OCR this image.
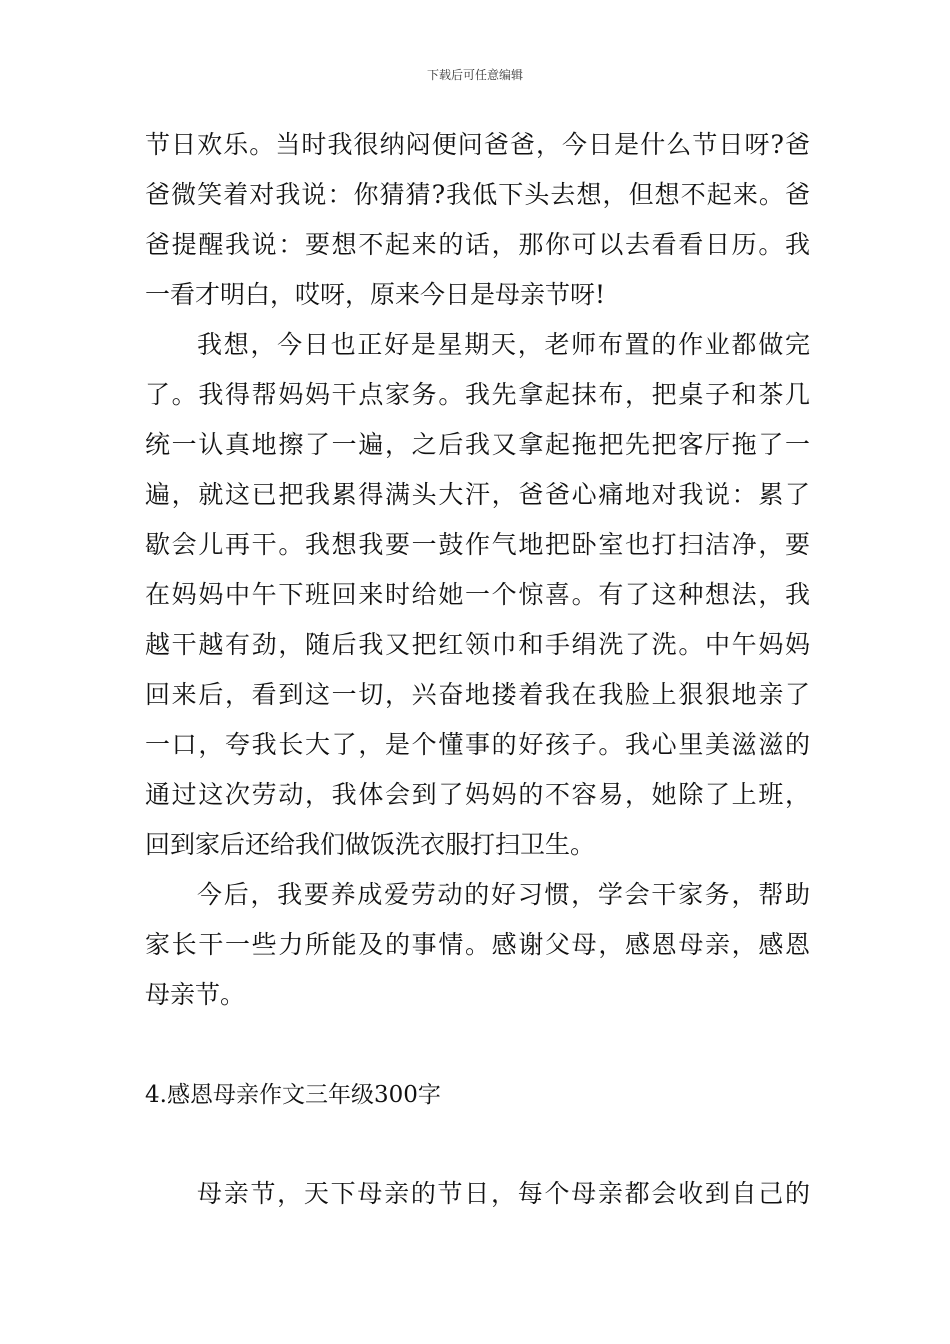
下载后可任意编辑
节日欢乐。当时我很纳闷便问爸爸，今日是什么节日呀?爸
爸微笑着对我说：你猜猜?我低下头去想，但想不起来。爸
爸提醒我说：要想不起来的话，那你可以去看看日历。我
一看才明白，哎呀，原来今日是母亲节呀!
我想，今日也正好是星期天，老师布置的作业都做完
了。我得帮妈妈干点家务。我先拿起抹布，把桌子和茶几
统一认真地擦了一遍，之后我又拿起拖把先把客厅拖了一
遍，就这已把我累得满头大汗，爸爸心痛地对我说：累了
歇会儿再干。我想我要一鼓作气地把卧室也打扫洁净，要
在妈妈中午下班回来时给她一个惊喜。有了这种想法，我
越干越有劲，随后我又把红领巾和手绢洗了洗。中午妈妈
回来后，看到这一切，兴奋地搂着我在我脸上狠狠地亲了
一口，夸我长大了，是个懂事的好孩子。我心里美滋滋的
通过这次劳动，我体会到了妈妈的不容易，她除了上班，
回到家后还给我们做饭洗衣服打扫卫生。
今后，我要养成爱劳动的好习惯，学会干家务，帮助
家长干一些力所能及的事情。感谢父母，感恩母亲，感恩
母亲节。
4.感恩母亲作文三年级300字
母亲节，天下母亲的节日，每个母亲都会收到自己的
